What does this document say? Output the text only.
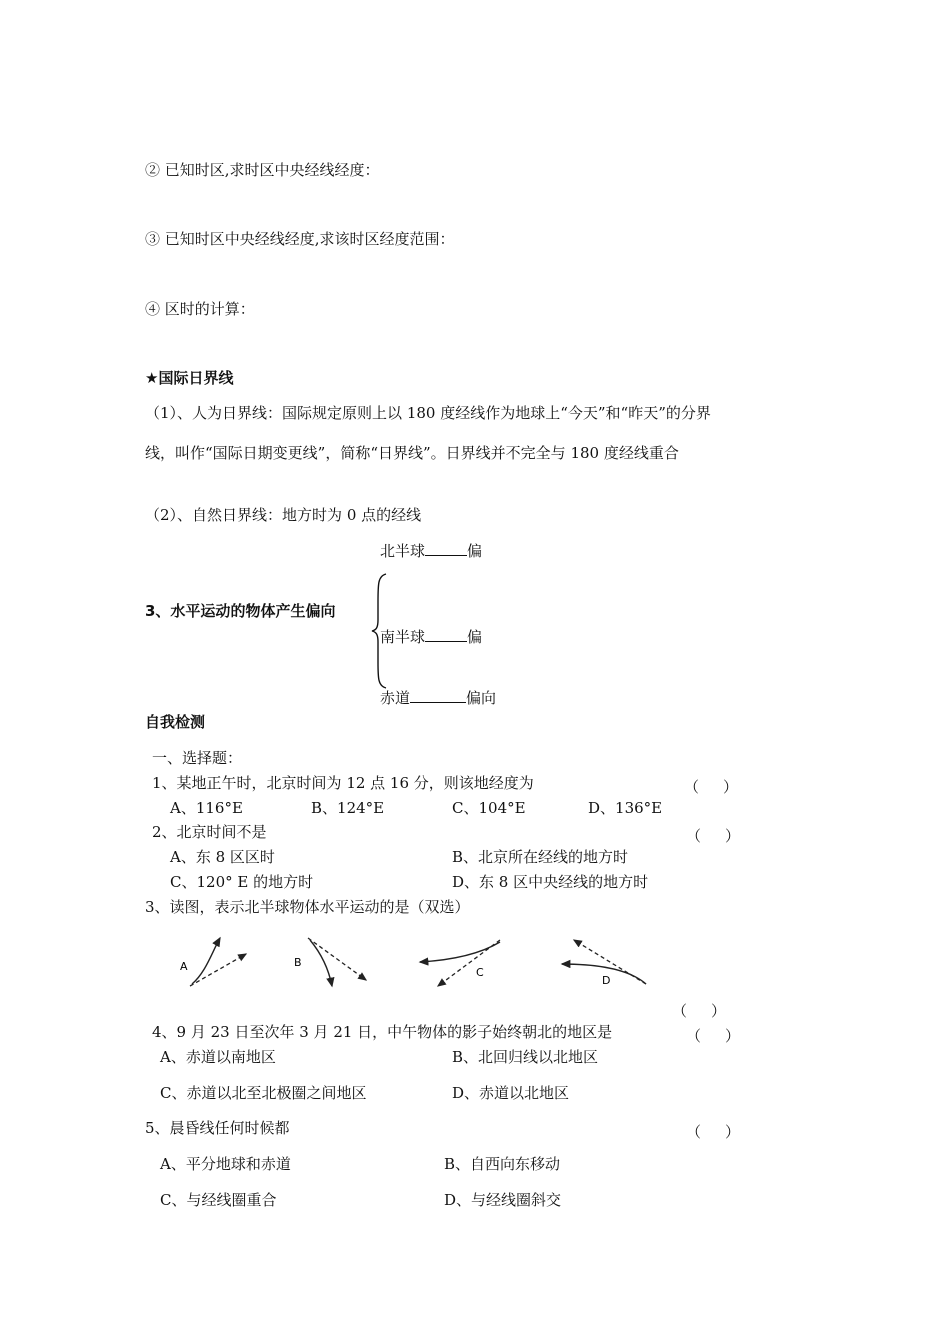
② 已知时区,求时区中央经线经度：
③ 已知时区中央经线经度,求该时区经度范围：
④ 区时的计算：
★国际日界线
（1）、人为日界线：国际规定原则上以 180 度经线作为地球上“今天”和“昨天”的分界
线，叫作“国际日期变更线”，简称“日界线”。日界线并不完全与 180 度经线重合
（2）、自然日界线：地方时为 0 点的经线
3、水平运动的物体产生偏向
北半球	偏
南半球	偏
赤道	偏向
自我检测
一、选择题：
1、某地正午时，北京时间为 12 点 16 分，则该地经度为	（ ）
A、116°E	B、124°E	C、104°E	D、136°E
2、北京时间不是	（ ）
A、东 8 区区时	B、北京所在经线的地方时
C、120° E 的地方时	D、东 8 区中央经线的地方时
3、读图，表示北半球物体水平运动的是（双选）
A	B
C
D
（ ）
4、9 月 23 日至次年 3 月 21 日，中午物体的影子始终朝北的地区是	（ ）
A、赤道以南地区	B、北回归线以北地区
C、赤道以北至北极圈之间地区	D、赤道以北地区
5、晨昏线任何时候都	（ ）
A、平分地球和赤道	B、自西向东移动
C、与经线圈重合	D、与经线圈斜交
